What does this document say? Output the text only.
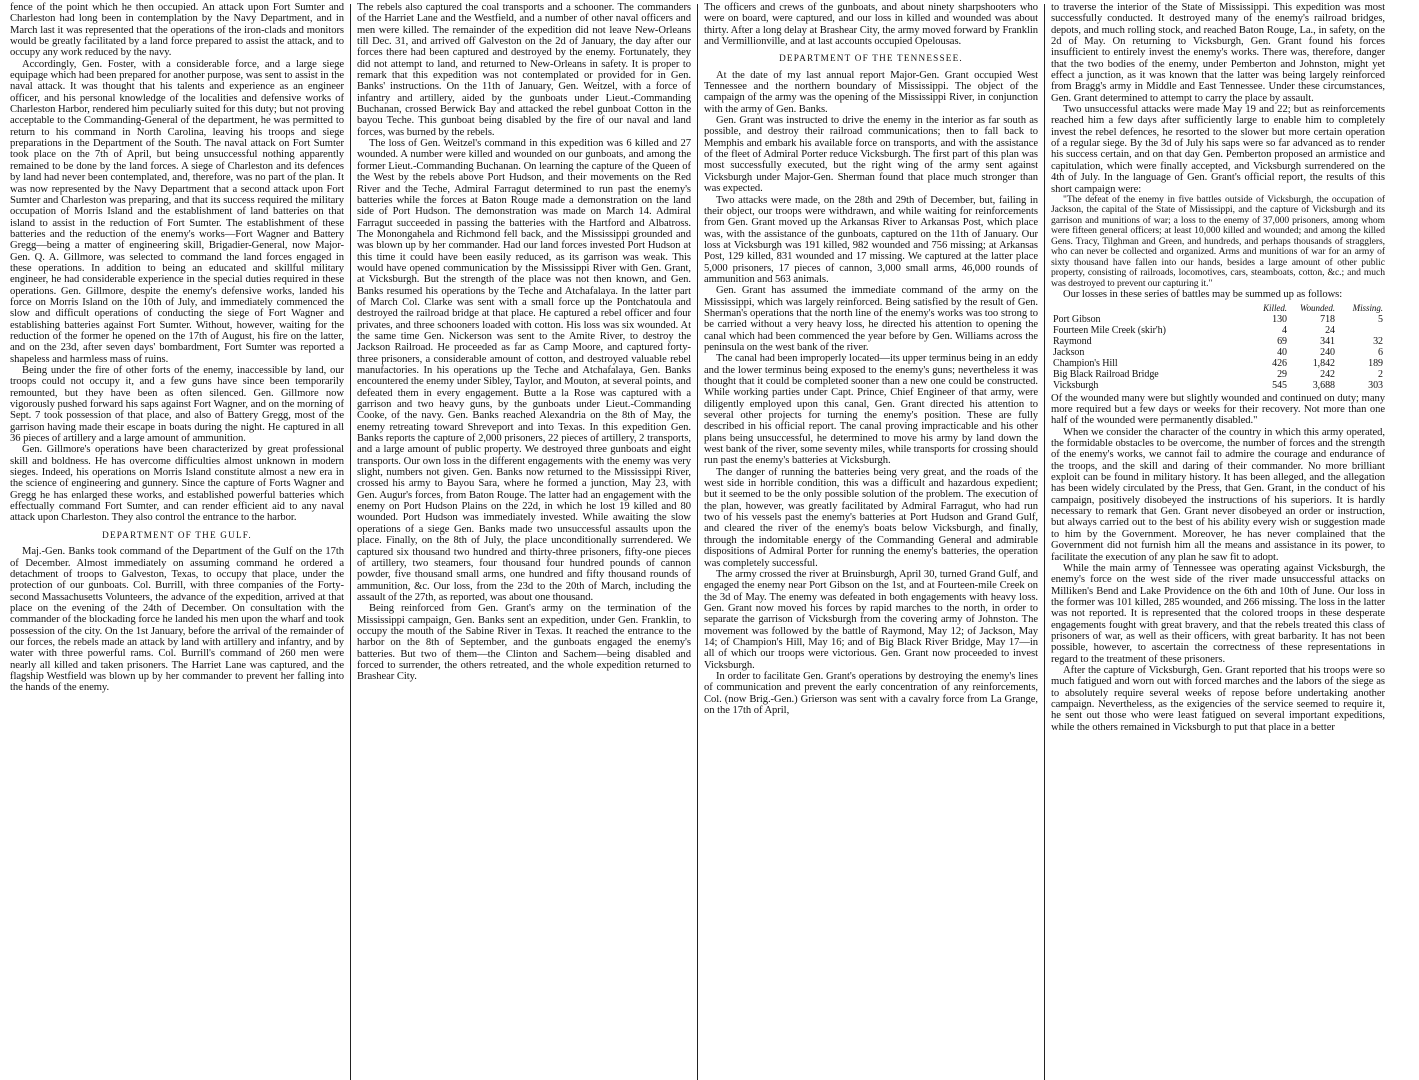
fence of the point which he then occupied. An attack upon Fort Sumter and Charleston had long been in contemplation by the Navy Department, and in March last it was represented that the operations of the iron-clads and monitors would be greatly facilitated by a land force prepared to assist the attack, and to occupy any work reduced by the navy.

Accordingly, Gen. Foster, with a considerable force, and a large siege equipage which had been prepared for another purpose, was sent to assist in the naval attack. It was thought that his talents and experience as an engineer officer, and his personal knowledge of the localities and defensive works of Charleston Harbor, rendered him peculiarly suited for this duty; but not proving acceptable to the Commanding-General of the department, he was permitted to return to his command in North Carolina, leaving his troops and siege preparations in the Department of the South. The naval attack on Fort Sumter took place on the 7th of April, but being unsuccessful nothing apparently remained to be done by the land forces. A siege of Charleston and its defences by land had never been contemplated, and, therefore, was no part of the plan. It was now represented by the Navy Department that a second attack upon Fort Sumter and Charleston was preparing, and that its success required the military occupation of Morris Island and the establishment of land batteries on that island to assist in the reduction of Fort Sumter. The establishment of these batteries and the reduction of the enemy's works—Fort Wagner and Battery Gregg—being a matter of engineering skill, Brigadier-General, now Major-Gen. Q. A. Gillmore, was selected to command the land forces engaged in these operations. In addition to being an educated and skillful military engineer, he had considerable experience in the special duties required in these operations. Gen. Gillmore, despite the enemy's defensive works, landed his force on Morris Island on the 10th of July, and immediately commenced the slow and difficult operations of conducting the siege of Fort Wagner and establishing batteries against Fort Sumter. Without, however, waiting for the reduction of the former he opened on the 17th of August, his fire on the latter, and on the 23d, after seven days' bombardment, Fort Sumter was reported a shapeless and harmless mass of ruins.

Being under the fire of other forts of the enemy, inaccessible by land, our troops could not occupy it, and a few guns have since been temporarily remounted, but they have been as often silenced. Gen. Gillmore now vigorously pushed forward his saps against Fort Wagner, and on the morning of Sept. 7 took possession of that place, and also of Battery Gregg, most of the garrison having made their escape in boats during the night. He captured in all 36 pieces of artillery and a large amount of ammunition.

Gen. Gillmore's operations have been characterized by great professional skill and boldness. He has overcome difficulties almost unknown in modern sieges. Indeed, his operations on Morris Island constitute almost a new era in the science of engineering and gunnery. Since the capture of Forts Wagner and Gregg he has enlarged these works, and established powerful batteries which effectually command Fort Sumter, and can render efficient aid to any naval attack upon Charleston. They also control the entrance to the harbor.

DEPARTMENT OF THE GULF.

Maj.-Gen. Banks took command of the Department of the Gulf on the 17th of December. Almost immediately on assuming command he ordered a detachment of troops to Galveston, Texas, to occupy that place, under the protection of our gunboats. Col. Burrill, with three companies of the Forty-second Massachusetts Volunteers, the advance of the expedition, arrived at that place on the evening of the 24th of December. On consultation with the commander of the blockading force he landed his men upon the wharf and took possession of the city. On the 1st January, before the arrival of the remainder of our forces, the rebels made an attack by land with artillery and infantry, and by water with three powerful rams. Col. Burrill's command of 260 men were nearly all killed and taken prisoners. The Harriet Lane was captured, and the flagship Westfield was blown up by her commander to prevent her falling into the hands of the enemy.

The rebels also captured the coal transports and a schooner. The commanders of the Harriet Lane and the Westfield, and a number of other naval officers and men were killed. The remainder of the expedition did not leave New-Orleans till Dec. 31, and arrived off Galveston on the 2d of January, the day after our forces there had been captured and destroyed by the enemy. Fortunately, they did not attempt to land, and returned to New-Orleans in safety. It is proper to remark that this expedition was not contemplated or provided for in Gen. Banks' instructions. On the 11th of January, Gen. Weitzel, with a force of infantry and artillery, aided by the gunboats under Lieut.-Commanding Buchanan, crossed Berwick Bay and attacked the rebel gunboat Cotton in the bayou Teche. This gunboat being disabled by the fire of our naval and land forces, was burned by the rebels.

The loss of Gen. Weitzel's command in this expedition was 6 killed and 27 wounded. A number were killed and wounded on our gunboats, and among the former Lieut.-Commanding Buchanan. On learning the capture of the Queen of the West by the rebels above Port Hudson, and their movements on the Red River and the Teche, Admiral Farragut determined to run past the enemy's batteries while the forces at Baton Rouge made a demonstration on the land side of Port Hudson. The demonstration was made on March 14. Admiral Farragut succeeded in passing the batteries with the Hartford and Albatross. The Monongahela and Richmond fell back, and the Mississippi grounded and was blown up by her commander. Had our land forces invested Port Hudson at this time it could have been easily reduced, as its garrison was weak. This would have opened communication by the Mississippi River with Gen. Grant, at Vicksburgh. But the strength of the place was not then known, and Gen. Banks resumed his operations by the Teche and Atchafalaya. In the latter part of March Col. Clarke was sent with a small force up the Pontchatoula and destroyed the railroad bridge at that place. He captured a rebel officer and four privates, and three schooners loaded with cotton. His loss was six wounded. At the same time Gen. Nickerson was sent to the Amite River, to destroy the Jackson Railroad. He proceeded as far as Camp Moore, and captured forty-three prisoners, a considerable amount of cotton, and destroyed valuable rebel manufactories. In his operations up the Teche and Atchafalaya, Gen. Banks encountered the enemy under Sibley, Taylor, and Mouton, at several points, and defeated them in every engagement. Butte a la Rose was captured with a garrison and two heavy guns, by the gunboats under Lieut.-Commanding Cooke, of the navy. Gen. Banks reached Alexandria on the 8th of May, the enemy retreating toward Shreveport and into Texas. In this expedition Gen. Banks reports the capture of 2,000 prisoners, 22 pieces of artillery, 2 transports, and a large amount of public property. We destroyed three gunboats and eight transports. Our own loss in the different engagements with the enemy was very slight, numbers not given. Gen. Banks now returned to the Mississippi River, crossed his army to Bayou Sara, where he formed a junction, May 23, with Gen. Augur's forces, from Baton Rouge. The latter had an engagement with the enemy on Port Hudson Plains on the 22d, in which he lost 19 killed and 80 wounded. Port Hudson was immediately invested. While awaiting the slow operations of a siege Gen. Banks made two unsuccessful assaults upon the place. Finally, on the 8th of July, the place unconditionally surrendered. We captured six thousand two hundred and thirty-three prisoners, fifty-one pieces of artillery, two steamers, four thousand four hundred pounds of cannon powder, five thousand small arms, one hundred and fifty thousand rounds of ammunition, &c. Our loss, from the 23d to the 20th of March, including the assault of the 27th, as reported, was about one thousand.

Being reinforced from Gen. Grant's army on the termination of the Mississippi campaign, Gen. Banks sent an expedition, under Gen. Franklin, to occupy the mouth of the Sabine River in Texas. It reached the entrance to the harbor on the 8th of September, and the gunboats engaged the enemy's batteries. But two of them—the Clinton and Sachem—being disabled and forced to surrender, the others retreated, and the whole expedition returned to Brashear City.

The officers and crews of the gunboats, and about ninety sharpshooters who were on board, were captured, and our loss in killed and wounded was about thirty. After a long delay at Brashear City, the army moved forward by Franklin and Vermillionville, and at last accounts occupied Opelousas.

DEPARTMENT OF THE TENNESSEE.

At the date of my last annual report Major-Gen. Grant occupied West Tennessee and the northern boundary of Mississippi. The object of the campaign of the army was the opening of the Mississippi River, in conjunction with the army of Gen. Banks.

Gen. Grant was instructed to drive the enemy in the interior as far south as possible, and destroy their railroad communications; then to fall back to Memphis and embark his available force on transports, and with the assistance of the fleet of Admiral Porter reduce Vicksburgh. The first part of this plan was most successfully executed, but the right wing of the army sent against Vicksburgh under Major-Gen. Sherman found that place much stronger than was expected.

Two attacks were made, on the 28th and 29th of December, but, failing in their object, our troops were withdrawn, and while waiting for reinforcements from Gen. Grant moved up the Arkansas River to Arkansas Post, which place was, with the assistance of the gunboats, captured on the 11th of January. Our loss at Vicksburgh was 191 killed, 982 wounded and 756 missing; at Arkansas Post, 129 killed, 831 wounded and 17 missing. We captured at the latter place 5,000 prisoners, 17 pieces of cannon, 3,000 small arms, 46,000 rounds of ammunition and 563 animals.

Gen. Grant has assumed the immediate command of the army on the Mississippi, which was largely reinforced. Being satisfied by the result of Gen. Sherman's operations that the north line of the enemy's works was too strong to be carried without a very heavy loss, he directed his attention to opening the canal which had been commenced the year before by Gen. Williams across the peninsula on the west bank of the river.

The canal had been improperly located—its upper terminus being in an eddy and the lower terminus being exposed to the enemy's guns; nevertheless it was thought that it could be completed sooner than a new one could be constructed. While working parties under Capt. Prince, Chief Engineer of that army, were diligently employed upon this canal, Gen. Grant directed his attention to several other projects for turning the enemy's position. These are fully described in his official report. The canal proving impracticable and his other plans being unsuccessful, he determined to move his army by land down the west bank of the river, some seventy miles, while transports for crossing should run past the enemy's batteries at Vicksburgh.

The danger of running the batteries being very great, and the roads of the west side in horrible condition, this was a difficult and hazardous expedient; but it seemed to be the only possible solution of the problem. The execution of the plan, however, was greatly facilitated by Admiral Farragut, who had run two of his vessels past the enemy's batteries at Port Hudson and Grand Gulf, and cleared the river of the enemy's boats below Vicksburgh, and finally, through the indomitable energy of the Commanding General and admirable dispositions of Admiral Porter for running the enemy's batteries, the operation was completely successful.

The army crossed the river at Bruinsburgh, April 30, turned Grand Gulf, and engaged the enemy near Port Gibson on the 1st, and at Fourteen-mile Creek on the 3d of May. The enemy was defeated in both engagements with heavy loss. Gen. Grant now moved his forces by rapid marches to the north, in order to separate the garrison of Vicksburgh from the covering army of Johnston. The movement was followed by the battle of Raymond, May 12; of Jackson, May 14; of Champion's Hill, May 16; and of Big Black River Bridge, May 17—in all of which our troops were victorious. Gen. Grant now proceeded to invest Vicksburgh.

In order to facilitate Gen. Grant's operations by destroying the enemy's lines of communication and prevent the early concentration of any reinforcements, Col. (now Brig.-Gen.) Grierson was sent with a cavalry force from La Grange, on the 17th of April,

to traverse the interior of the State of Mississippi. This expedition was most successfully conducted. It destroyed many of the enemy's railroad bridges, depots, and much rolling stock, and reached Baton Rouge, La., in safety, on the 2d of May. On returning to Vicksburgh, Gen. Grant found his forces insufficient to entirely invest the enemy's works. There was, therefore, danger that the two bodies of the enemy, under Pemberton and Johnston, might yet effect a junction, as it was known that the latter was being largely reinforced from Bragg's army in Middle and East Tennessee. Under these circumstances, Gen. Grant determined to attempt to carry the place by assault.

Two unsuccessful attacks were made May 19 and 22; but as reinforcements reached him a few days after sufficiently large to enable him to completely invest the rebel defences, he resorted to the slower but more certain operation of a regular siege. By the 3d of July his saps were so far advanced as to render his success certain, and on that day Gen. Pemberton proposed an armistice and capitulation, which were finally accepted, and Vicksburgh surrendered on the 4th of July. In the language of Gen. Grant's official report, the results of this short campaign were:

"The defeat of the enemy in five battles outside of Vicksburgh, the occupation of Jackson, the capital of the State of Mississippi, and the capture of Vicksburgh and its garrison and munitions of war; a loss to the enemy of 37,000 prisoners, among whom were fifteen general officers; at least 10,000 killed and wounded; and among the killed Gens. Tracy, Tilghman and Green, and hundreds, and perhaps thousands of stragglers, who can never be collected and organized. Arms and munitions of war for an army of sixty thousand have fallen into our hands, besides a large amount of other public property, consisting of railroads, locomotives, cars, steamboats, cotton, &c.; and much was destroyed to prevent our capturing it."

Our losses in these series of battles may be summed up as follows:

	Killed.	Wounded.	Missing.
Port Gibson	130	718	5
Fourteen Mile Creek (skir'h)	4	24	
Raymond	69	341	32
Jackson	40	240	6
Champion's Hill	426	1,842	189
Big Black Railroad Bridge	29	242	2
Vicksburgh	545	3,688	303

Of the wounded many were but slightly wounded and continued on duty; many more required but a few days or weeks for their recovery. Not more than one half of the wounded were permanently disabled."

When we consider the character of the country in which this army operated, the formidable obstacles to be overcome, the number of forces and the strength of the enemy's works, we cannot fail to admire the courage and endurance of the troops, and the skill and daring of their commander. No more brilliant exploit can be found in military history. It has been alleged, and the allegation has been widely circulated by the Press, that Gen. Grant, in the conduct of his campaign, positively disobeyed the instructions of his superiors. It is hardly necessary to remark that Gen. Grant never disobeyed an order or instruction, but always carried out to the best of his ability every wish or suggestion made to him by the Government. Moreover, he has never complained that the Government did not furnish him all the means and assistance in its power, to facilitate the execution of any plan he saw fit to adopt.

While the main army of Tennessee was operating against Vicksburgh, the enemy's force on the west side of the river made unsuccessful attacks on Milliken's Bend and Lake Providence on the 6th and 10th of June. Our loss in the former was 101 killed, 285 wounded, and 266 missing. The loss in the latter was not reported. It is represented that the colored troops in these desperate engagements fought with great bravery, and that the rebels treated this class of prisoners of war, as well as their officers, with great barbarity. It has not been possible, however, to ascertain the correctness of these representations in regard to the treatment of these prisoners.

After the capture of Vicksburgh, Gen. Grant reported that his troops were so much fatigued and worn out with forced marches and the labors of the siege as to absolutely require several weeks of repose before undertaking another campaign. Nevertheless, as the exigencies of the service seemed to require it, he sent out those who were least fatigued on several important expeditions, while the others remained in Vicksburgh to put that place in a better
